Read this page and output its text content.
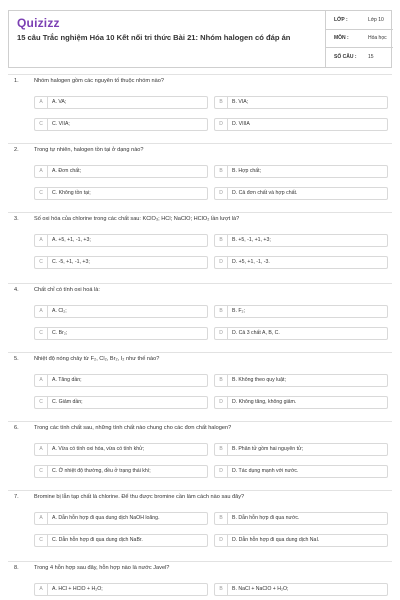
Quizizz
15 câu Trắc nghiệm Hóa 10 Kết nối tri thức Bài 21: Nhóm halogen có đáp án
LỚP :	Lớp 10
MÔN :	Hóa học
SỐ CÂU : 15
1.	Nhóm halogen gồm các nguyên tố thuộc nhóm nào?
A	A. VA;	B	B. VIA;
C	C. VIIA;	D	D. VIIIA
2.	Trong tự nhiên, halogen tồn tại ở dạng nào?
A	A. Đơn chất;	B	B. Hợp chất;
C	C. Không tồn tại;	D	D. Cả đơn chất và hợp chất.
3.	Số oxi hóa của chlorine trong các chất sau: KClO₃; HCl; NaClO; HClO₂ lần lượt là?
A	A. +5, +1, -1, +3;	B	B. +5, -1, +1, +3;
C	C. -5, +1, -1, +3;	D	D. +5, +1, -1, -3.
4.	Chất chỉ có tính oxi hoá là:
A	A. Cl₂;	B	B. F₂;
C	C. Br₂;	D	D. Cả 3 chất A, B, C.
5.	Nhiệt độ nóng chảy từ F₂, Cl₂, Br₂, I₂ như thế nào?
A	A. Tăng dần;	B	B. Không theo quy luật;
C	C. Giảm dần;	D	D. Không tăng, không giảm.
6.	Trong các tính chất sau, những tính chất nào chung cho các đơn chất halogen?
A	A. Vừa có tính oxi hóa, vừa có tính khử;	B	B. Phân tử gồm hai nguyên tử;
C	C. Ở nhiệt độ thường, đều ở trạng thái khí;	D	D. Tác dụng mạnh với nước.
7.	Bromine bị lẫn tạp chất là chlorine. Để thu được bromine cần làm cách nào sau đây?
A	A. Dẫn hỗn hợp đi qua dung dịch NaOH loãng.	B	B. Dẫn hỗn hợp đi qua nước.
C	C. Dẫn hỗn hợp đi qua dung dịch NaBr.	D	D. Dẫn hỗn hợp đi qua dung dịch NaI.
8.	Trong 4 hỗn hợp sau đây, hỗn hợp nào là nước Javel?
A	A. HCl + HClO + H₂O;	B	B. NaCl + NaClO + H₂O;
